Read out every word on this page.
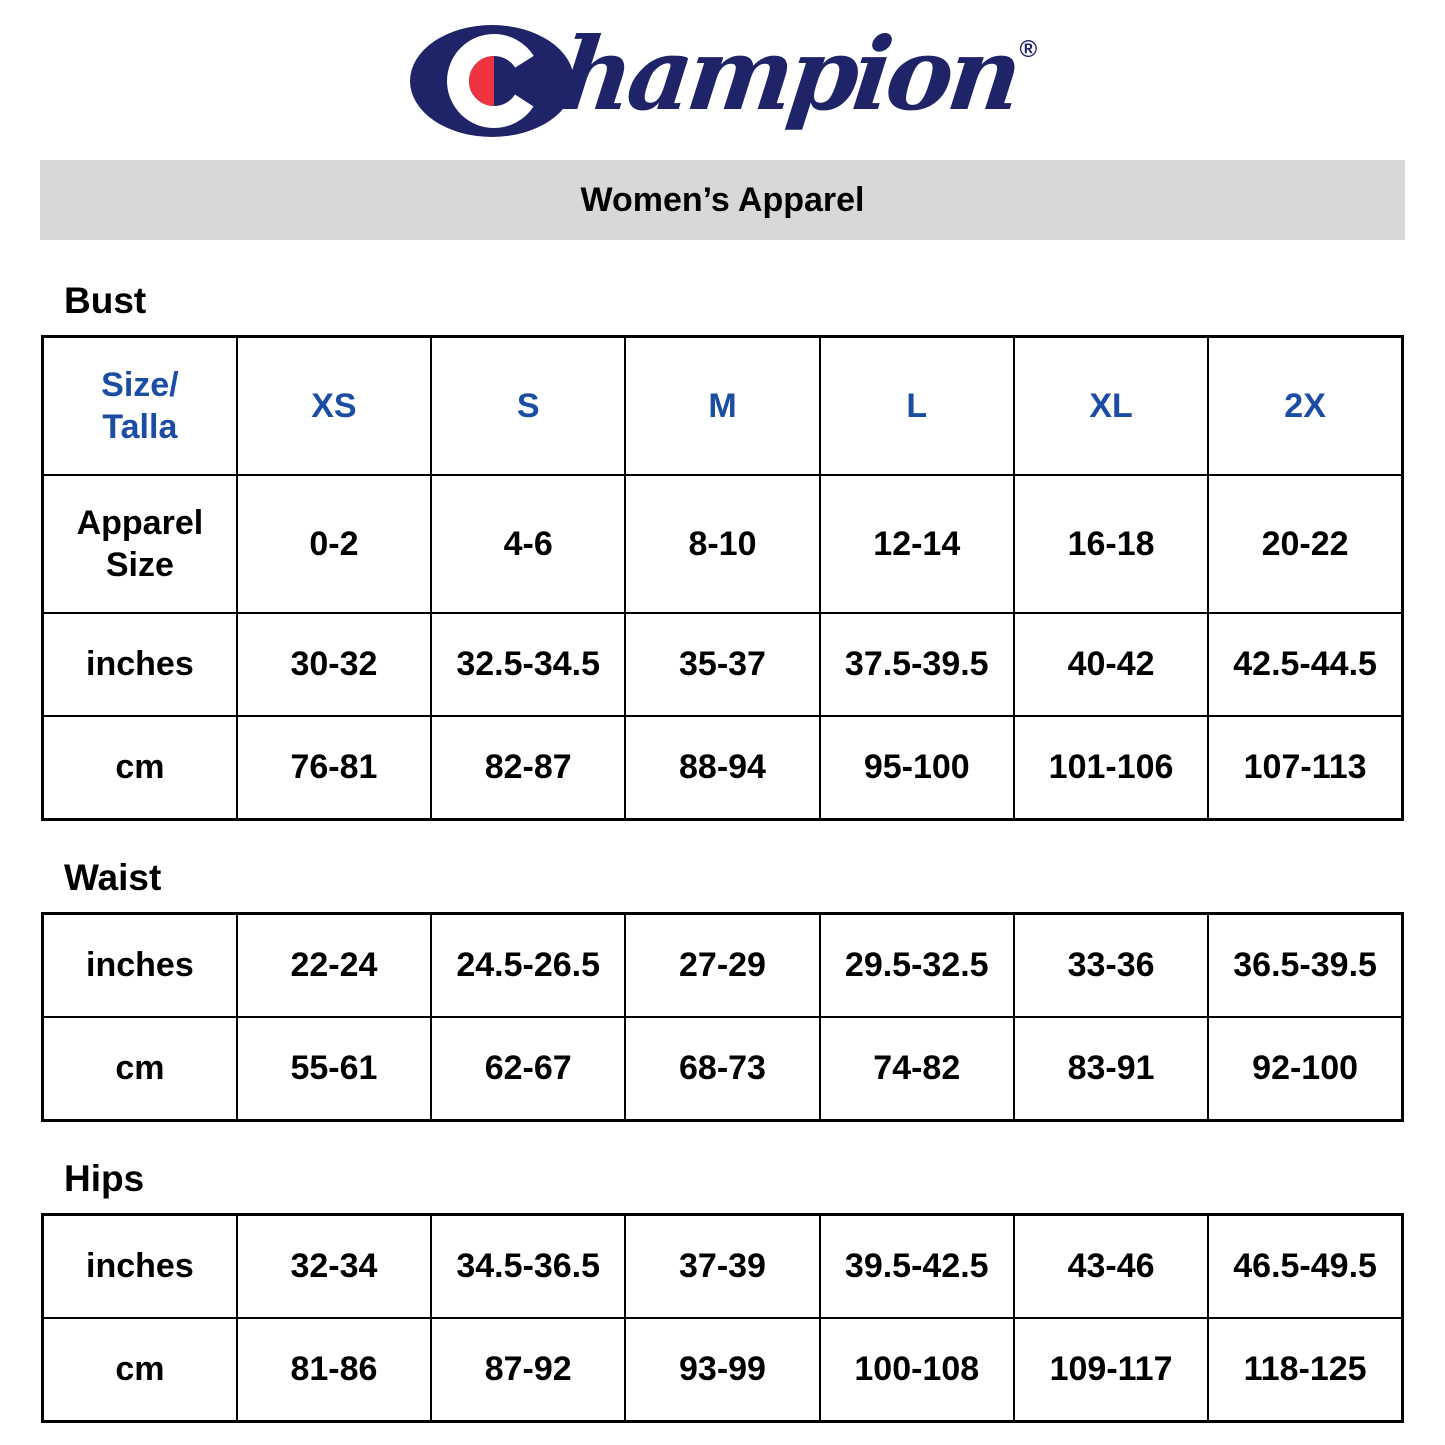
hampion
®
Women’s Apparel
Bust
Size/
Talla	XS	S	M	L	XL	2X
Apparel
Size	0-2	4-6	8-10	12-14	16-18	20-22
inches	30-32	32.5-34.5	35-37	37.5-39.5	40-42	42.5-44.5
cm	76-81	82-87	88-94	95-100	101-106	107-113
Waist
inches	22-24	24.5-26.5	27-29	29.5-32.5	33-36	36.5-39.5
cm	55-61	62-67	68-73	74-82	83-91	92-100
Hips
inches	32-34	34.5-36.5	37-39	39.5-42.5	43-46	46.5-49.5
cm	81-86	87-92	93-99	100-108	109-117	118-125
